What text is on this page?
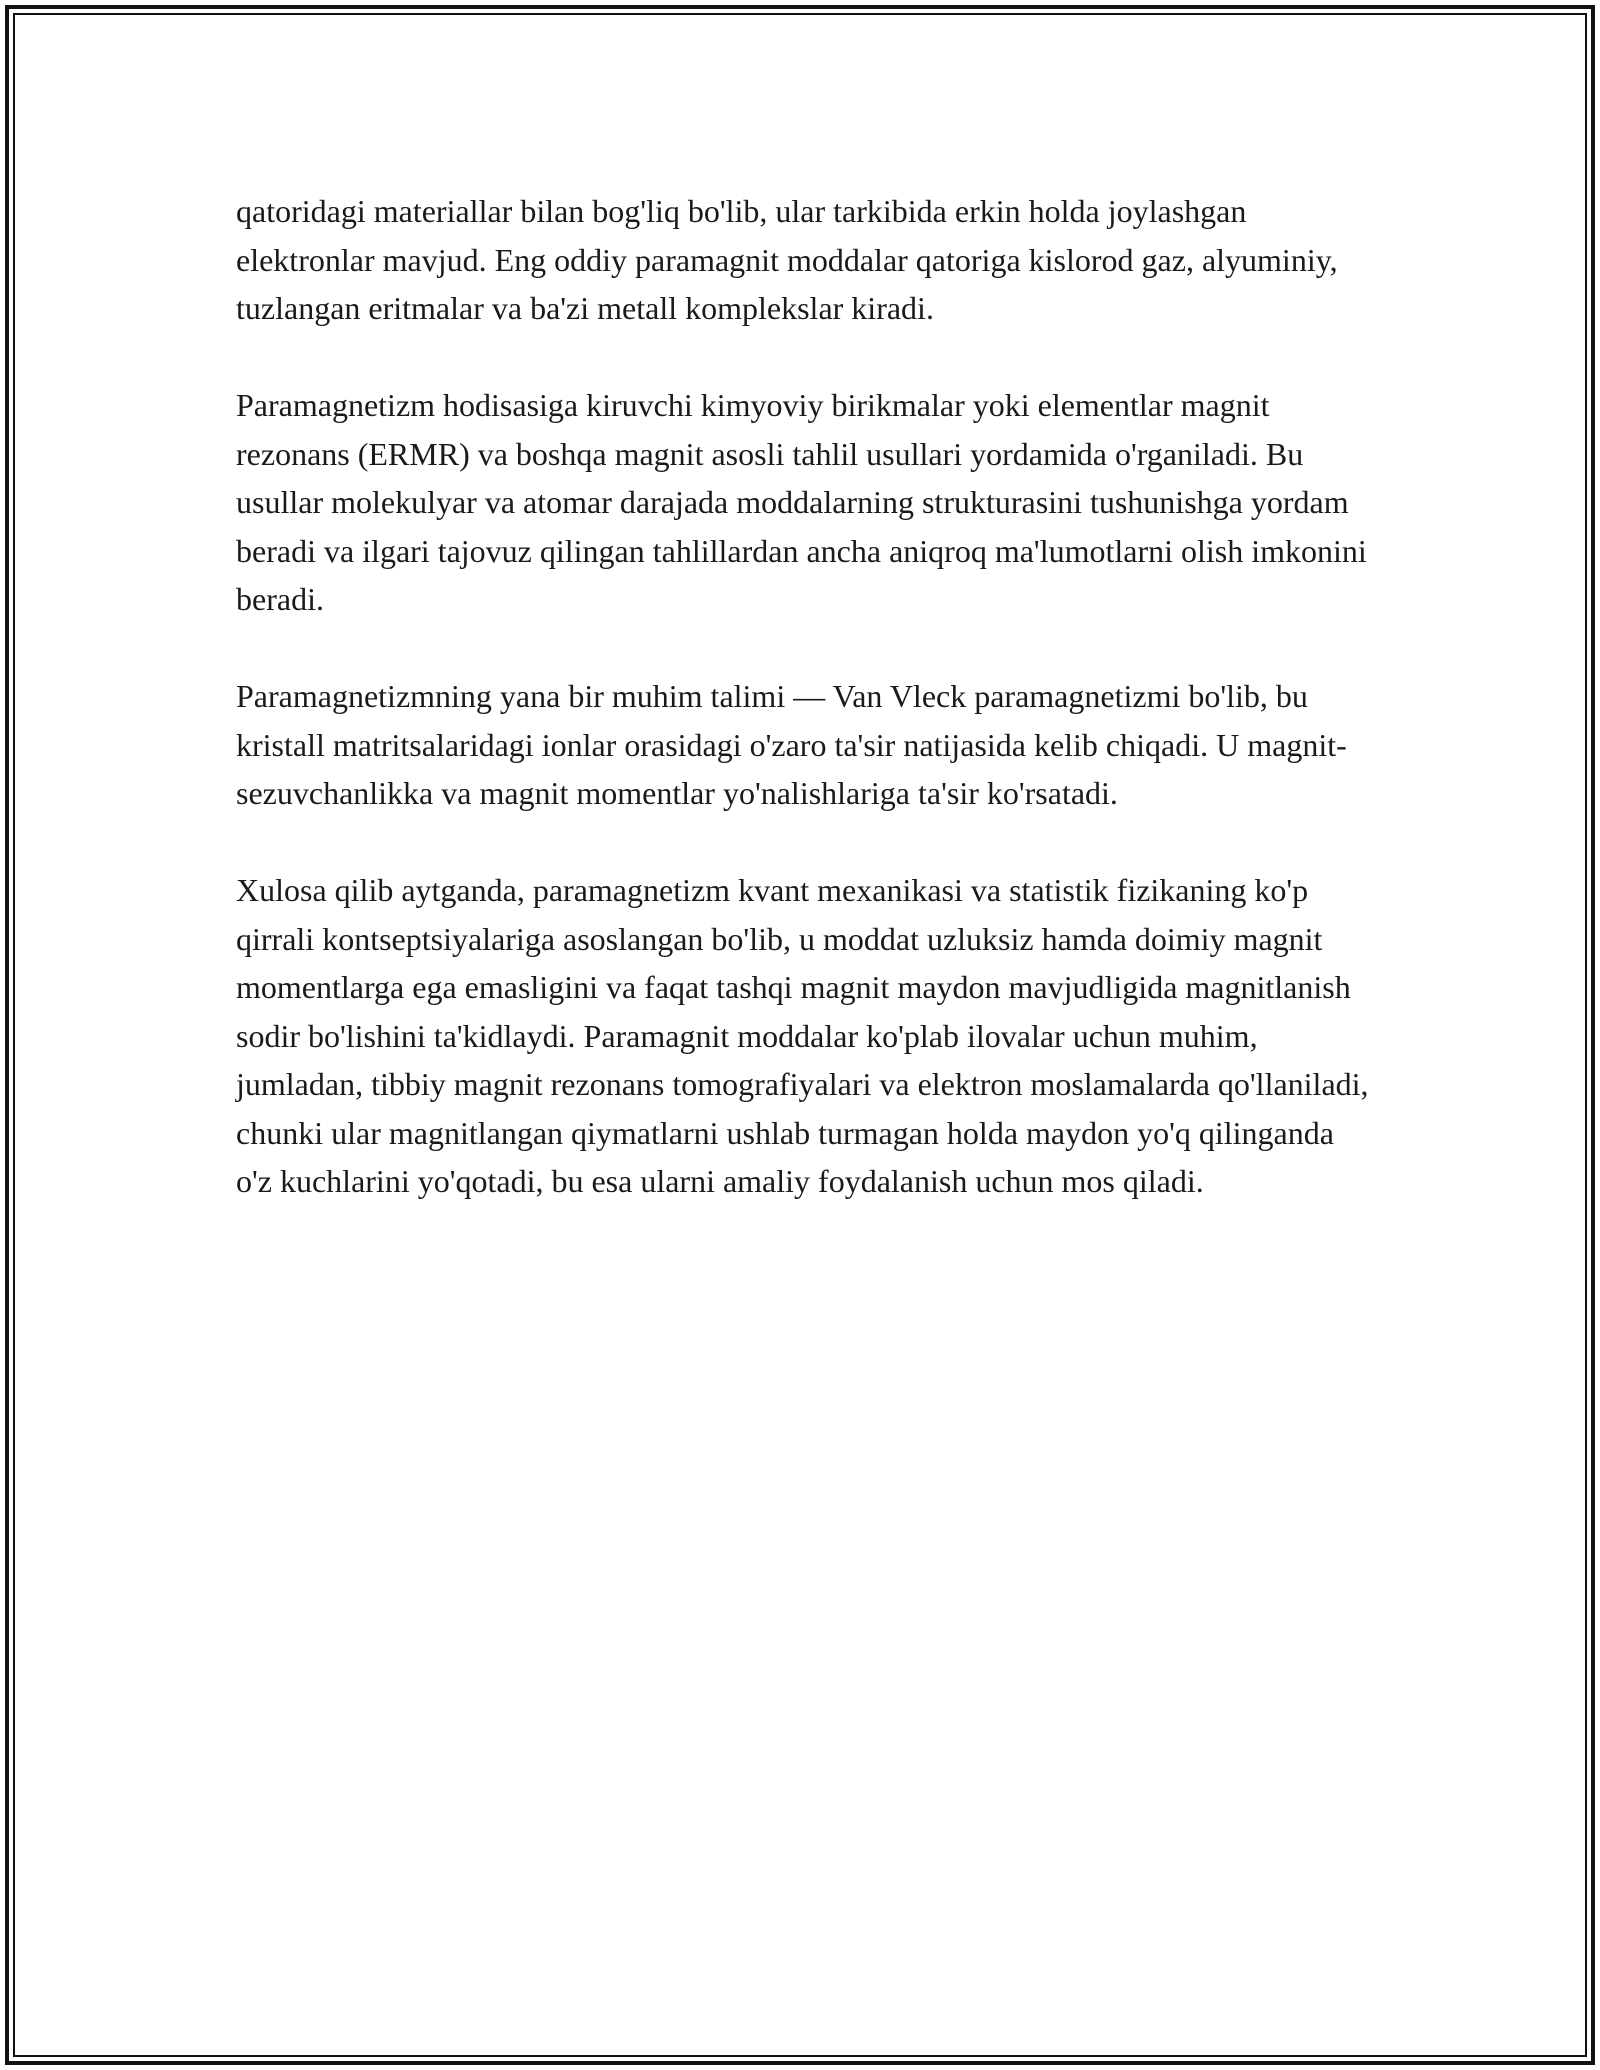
qatoridagi materiallar bilan bog'liq bo'lib, ular tarkibida erkin holda joylashgan elektronlar mavjud. Eng oddiy paramagnit moddalar qatoriga kislorod gaz, alyuminiy, tuzlangan eritmalar va ba'zi metall komplekslar kiradi.

Paramagnetizm hodisasiga kiruvchi kimyoviy birikmalar yoki elementlar magnit rezonans (ERMR) va boshqa magnit asosli tahlil usullari yordamida o'rganiladi. Bu usullar molekulyar va atomar darajada moddalarning strukturasini tushunishga yordam beradi va ilgari tajovuz qilingan tahlillardan ancha aniqroq ma'lumotlarni olish imkonini beradi.

Paramagnetizmning yana bir muhim talimi — Van Vleck paramagnetizmi bo'lib, bu kristall matritsalaridagi ionlar orasidagi o'zaro ta'sir natijasida kelib chiqadi. U magnit-sezuvchanlikka va magnit momentlar yo'nalishlariga ta'sir ko'rsatadi.

Xulosa qilib aytganda, paramagnetizm kvant mexanikasi va statistik fizikaning ko'p qirrali kontseptsiyalariga asoslangan bo'lib, u moddat uzluksiz hamda doimiy magnit momentlarga ega emasligini va faqat tashqi magnit maydon mavjudligida magnitlanish sodir bo'lishini ta'kidlaydi. Paramagnit moddalar ko'plab ilovalar uchun muhim, jumladan, tibbiy magnit rezonans tomografiyalari va elektron moslamalarda qo'llaniladi, chunki ular magnitlangan qiymatlarni ushlab turmagan holda maydon yo'q qilinganda o'z kuchlarini yo'qotadi, bu esa ularni amaliy foydalanish uchun mos qiladi.
